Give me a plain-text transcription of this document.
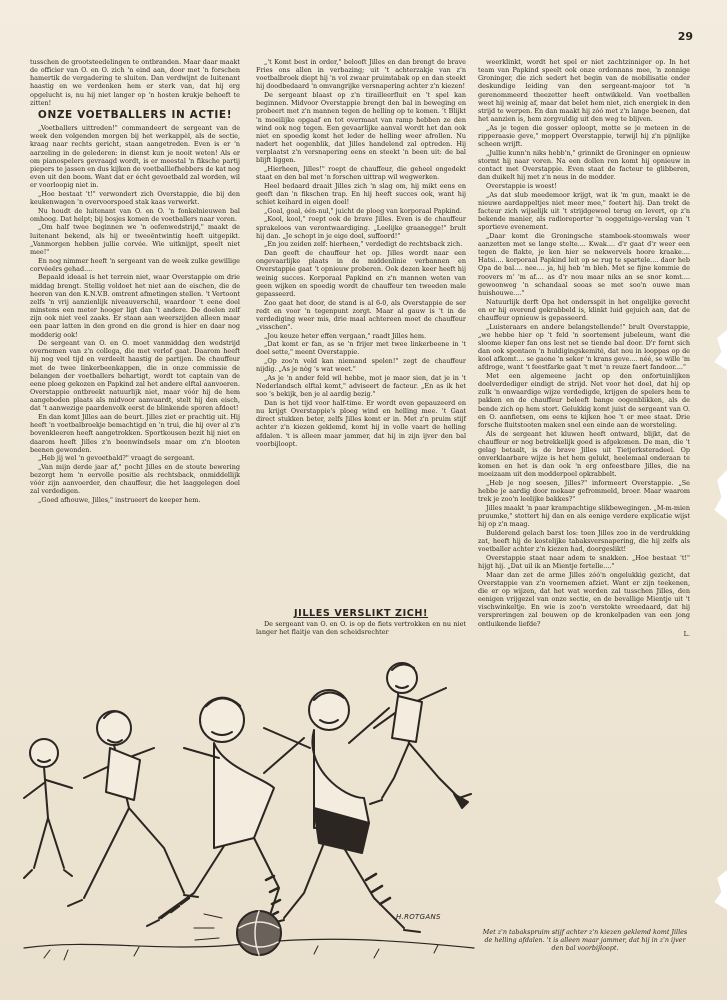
29

tusschen de grootsteedelingen te ontbranden. Maar daar maakt de officier van O. en O. zich 'n eind aan, door met 'n forschen hamertik de vergadering te sluiten. Dan verdwijnt de luitenant haastig en we verdenken hem er sterk van, dat hij erg opgelucht is, nu hij niet langer op 'n hosten krukje behoeft te zitten!

ONZE VOETBALLERS IN ACTIE!

„Voetballers uittreden!" commandeert de sergeant van de week den volgenden morgen bij het werkappèl, als de sectie, kraag naar rechts gericht, staan aangetreden. Even is er 'n aarzeling in de gelederen: in dienst kun je nooit weten! Als er om pianospelers gevraagd wordt, is er meestal 'n fiksche partij piepers te jassen en dus kijken de voetballiefhebbers de kat nog even uit den boom. Want dat er écht gevoetbald zal worden, wil er voorloopig niet in.

„Hoe bestaat 't!" verwondert zich Overstappie, die bij den keukenwagen 'n overvoorspoed stak kaas verwerkt.

Nu houdt de luitenant van O. en O. 'n fonkelnieuwen bal omhoog. Dat helpt; bij bosjes komen de voetballers naar voren.

„Om half twee beginnen we 'n oefenwedstrijd," maakt de luitenant bekend, als hij er tweeëntwintig heeft uitgepikt. „Vanmorgen hebben jullie corvée. Wie uitknijpt, speelt niet mee!"

En nog nimmer heeft 'n sergeant van de week zulke gewillige corvéeërs gehad....

Bepaald ideaal is het terrein niet, waar Overstappie om drie middag brengt. Stellig voldoet het niet aan de eischen, die de heeren van den K.N.V.B. omtrent afmetingen stellen. 't Vertoont zelfs 'n vrij aanzienlijk niveauverschil, waardoor 't eene doel minstens een meter hooger ligt dan 't andere. De doelen zelf zijn ook niet veel zaaks. Er staan aan weerszijden alleen maar een paar latten in den grond en die grond is hier en daar nog modderig ook!

De sergeant van O. en O. moet vanmiddag den wedstrijd overnemen van z'n collega, die met verlof gaat. Daarom heeft hij nog veel tijd en verdeelt haastig de partijen. De chauffeur met de twee linkerbeenkappen, die in onze commissie de belangen der voetballers behartigt, wordt tot captain van de eene ploeg gekozen en Papkind zal het andere elftal aanvoeren. Overstappie ontbreekt natuurlijk niet, maar vóór hij de hem aangeboden plaats als midvoor aanvaardt, stelt hij den eisch, dat 't aanwezige paardenvolk eerst de blinkende sporen afdoet!

En dan komt Jilles aan de beurt. Jilles ziet er prachtig uit. Hij heeft 'n voetbalbroekje bemachtigd en 'n trui, die hij over al z'n bovenkleeren heeft aangetrokken. Sportkousen bezit hij niet en daarom heeft Jilles z'n beenwindsels maar om z'n blooten beenen gewonden.

„Heb jij wel 'n gevoetbald?" vraagt de sergeant.

„Van mijn derde jaar af," pocht Jilles en de stoute bewering bezorgt hem 'n eervolle positie als rechtsback, onmiddellijk vóór zijn aanvoerder, den chauffeur, die het laaggelegen doel zal verdedigen.

„Goed afhouwe, Jilles," instrueert de keeper hem.

„'t Komt best in order," belooft Jilles en dan brengt de brave Fries ons allen in verbazing; uit 't achterzakje van z'n voetbalbroek diept hij 'n vol zwaar pruimtabak op en dan steekt hij doodbedaard 'n omvangrijke versnapering achter z'n kiezen!

De sergeant blaast op z'n tirailleerfluit en 't spel kan beginnen. Midvoor Overstappie brengt den bal in beweging en probeert met z'n mannen tegen de helling op te komen. 't Blijkt 'n moeilijke opgaaf en tot overmaat van ramp hebben ze den wind ook nog tegen. Een gevaarlijke aanval wordt het dan ook niet en spoedig komt het leder de helling weer afrollen. Nu nadert het oogenblik, dat Jilles handelend zal optreden. Hij verplaatst z'n versnapering eens en steekt 'n been uit: de bal blijft liggen.

„Hierheen, Jilles!" roept de chauffeur, die geheel ongedekt staat en den bal met 'n forschen uittrap wil wegwerken.

Heel bedaard draait Jilles zich 'n slag om, hij mikt eens en geeft dan 'n fikschen trap. En hij heeft succes ook, want hij schiet keihard in eigen doel!

„Goal, goal, één-nul," juicht de ploeg van korporaal Papkind.

„Kool, kool," roept ook de brave Jilles. Even is de chauffeur sprakeloos van verontwaardiging. „Leelijke graanegge!" brult hij dan. „Je schopt in je eige doel, suffoord!"

„En jou zeiden zelf: hierheen," verdedigt de rechtsback zich.

Dan geeft de chauffeur het op. Jilles wordt naar een ongevaarlijke plaats in de middenlinie verbannen en Overstappie gaat 't opnieuw proberen. Ook dezen keer heeft hij weinig succes. Korporaal Papkind en z'n mannen weten van geen wijken en spoedig wordt de chauffeur ten tweeden male gepasseerd.

Zoo gaat het door, de stand is al 6-0, als Overstappie de ser redt en voor 'n tegenpunt zorgt. Maar al gauw is 't in de verdediging weer mis, drie maal achtereen moet de chauffeur „visschen".

„Jou keuze heter effen vergaan," raadt Jilles hem.

„Dat komt er fan, as se 'n frijer met twee linkerbeene in 't doel sette," meent Overstappie.

„Op zoo'n veld kan niemand spelen!" zegt de chauffeur nijdig. „As je nòg 's wat weet."

„As je 'n ander feld wil hebbe, mot je maor sien, dat je in 't Nederlandsch elftal komt," adviseert de facteur. „En as ik het soo 's bekijk, ben je al aardig bezig."

Dan is het tijd voor half-time. Er wordt even gepauzeerd en nu krijgt Overstappie's ploeg wind en helling mee. 't Gaat direct stukken beter, zelfs Jilles komt er in. Met z'n pruim stijf achter z'n kiezen geklemd, komt hij in volle vaart de helling afdalen. 't is alleen maar jammer, dat hij in zijn ijver den bal voorbijloopt.

JILLES VERSLIKT ZICH!

De sergeant van O. en O. is op de fiets vertrokken en nu niet langer het flaitje van den scheidsrechter

weerklinkt, wordt het spel er niet zachtzinniger op. In het team van Papkind speelt ook onze ordonnans mee, 'n zonnige Groninger, die zich sedert het begin van de mobilisatie onder deskundige leiding van den sergeant-majoor tot 'n gerenommeerd theezetter heeft ontwikkeld. Van voetballen weet hij weinig af, maar dat belet hem niet, zich energiek in den strijd te werpen. En dan maakt hij zóó met z'n lange beenen, dat het aanzien is, hem zorgvuldig uit den weg te blijven.

„As je tegen die gosser oploopt, motte se je meteen in de ripperaasie geve," moppert Overstappie, terwijl hij z'n pijnlijke scheen wrijft.

„Jullie kunn'n niks hebb'n," grinnikt de Groninger en opnieuw stormt hij naar voren. Na een dollen ren komt hij opnieuw in contact met Overstappie. Even staat de facteur te glibberen, dan duikelt hij met z'n neus in de modder.

Overstappie is woest!

„As dat slub meedemoor krijgt, wat ik 'm gun, maakt ie de nieuwe aardappeltjes niet meer mee," foetert hij. Dan trekt de facteur zich wijselijk uit 't strijdgewoel terug en levert, op z'n bekende manier, als radioreporter 'n ooggetuige-verslag van 't sportieve evenement.

„Daar komt die Groningsche stamboek-stoomwals weer aanzetten met se lange stelte.... Kwak.... d'r gaat d'r weer een tegen de flakte, je ken hier se nekwervels hoore kraake.... Hatsi.... korporaal Papkind leit op se rug te spartele.... daor heb Opa de bal.... nee.... ja, hij heb 'm bleh. Met se fijne kommie de roovers m' 'm af.... as d'r nou maar niks an se snor komt.... gewoonweg 'n schandaal sooas se met soo'n ouwe man huishouwe...."

Natuurlijk derft Opa het ondersspit in het ongelijke gevecht en er hij overend gekrabbeld is, klinkt luid gejuich aan, dat de chauffeur opnieuw is gepasseerd.

„Luisteraars en andere belangstellende!" brult Overstappie, „we hebbe hier op 't feld 'n soortement jubeleum, want die sloome kieper fan ons lest net se tiende bal door. D'r fornt sich dan ook spontaon 'n huldigingskemité, dat nou in looppas op de kool afkomt.... se gaone 'n seker 'n krans geve.... néé, se wille 'm afdroge, want 't feestfarke gaat 't met 'n reuze faert fandoor...."

Met een algemeene jacht op den onfortuinlijken doelverdediger eindigt de strijd. Net voor het doel, dat hij op zulk 'n onwaardige wijze verdedigde, krijgen de spelers hem te pakken en de chauffeur beleeft bange oogenblikken, als de bende zich op hem stort. Gelukkig komt juist de sergeant van O. en O. aanfietsen, om eens te kijken hoe 't er mee staat. Drie forsche fluitstooten maken snel een einde aan de worsteling.

Als de sergeant het kluwen heeft ontward, blijkt, dat de chauffeur er nog betrekkelijk goed is afgekomen. De man, die 't gelag betaalt, is de brave Jilles uit Tietjerksteradeel. Op onverklaarbare wijze is het hem gelukt, heelemaal onderaan te komen en het is dan ook 'n erg onfeestbare Jilles, die na moeizaam uit den modderpoel opkrabbelt.

„Heb je nog soesen, Jilles?" informeert Overstappie. „Se hebbe je aardig door mekaar gefrommeld, broer. Maar waarom trek je zoo'n leelijke bakkes?"

Jilles maakt 'n paar krampachtige slikbewegingen. „M-m-mien pruumke," stottert hij dan en als eenige verdere explicatie wijst hij op z'n maag.

Bulderend gelach barst los: toen Jilles zoo in de verdrukking zat, heeft hij de kostelijke tabaksversnapering, die hij zelfs als voetballer achter z'n kiezen had, doorgeslikt!

Overstappie staat naar adem te snakken. „Hoe bestaat 't!" hijgt hij. „Dat uil ik an Mientje fertelle...."

Maar dan zet de arme Jilles zóó'n ongelukkig gezicht, dat Overstappie van z'n voornemen afziet. Want er zijn teekenen, die er op wijzen, dat het wat worden zal tusschen Jilles, den eenigen vrijgezel van onze sectie, en de bevallige Mientje uit 't vischwinkeltje. En wie is zoo'n verstokte wreedaard, dat hij verspreringen zal bouwen op de kronkelpaden van een jong ontluikende liefde?

L.
H.ROTGANS
Met z'n tabakspruim stijf achter z'n kiezen geklemd komt Jilles de helling afdalen. 't is alleen maar jammer, dat hij in z'n ijver den bal voorbijloopt.
